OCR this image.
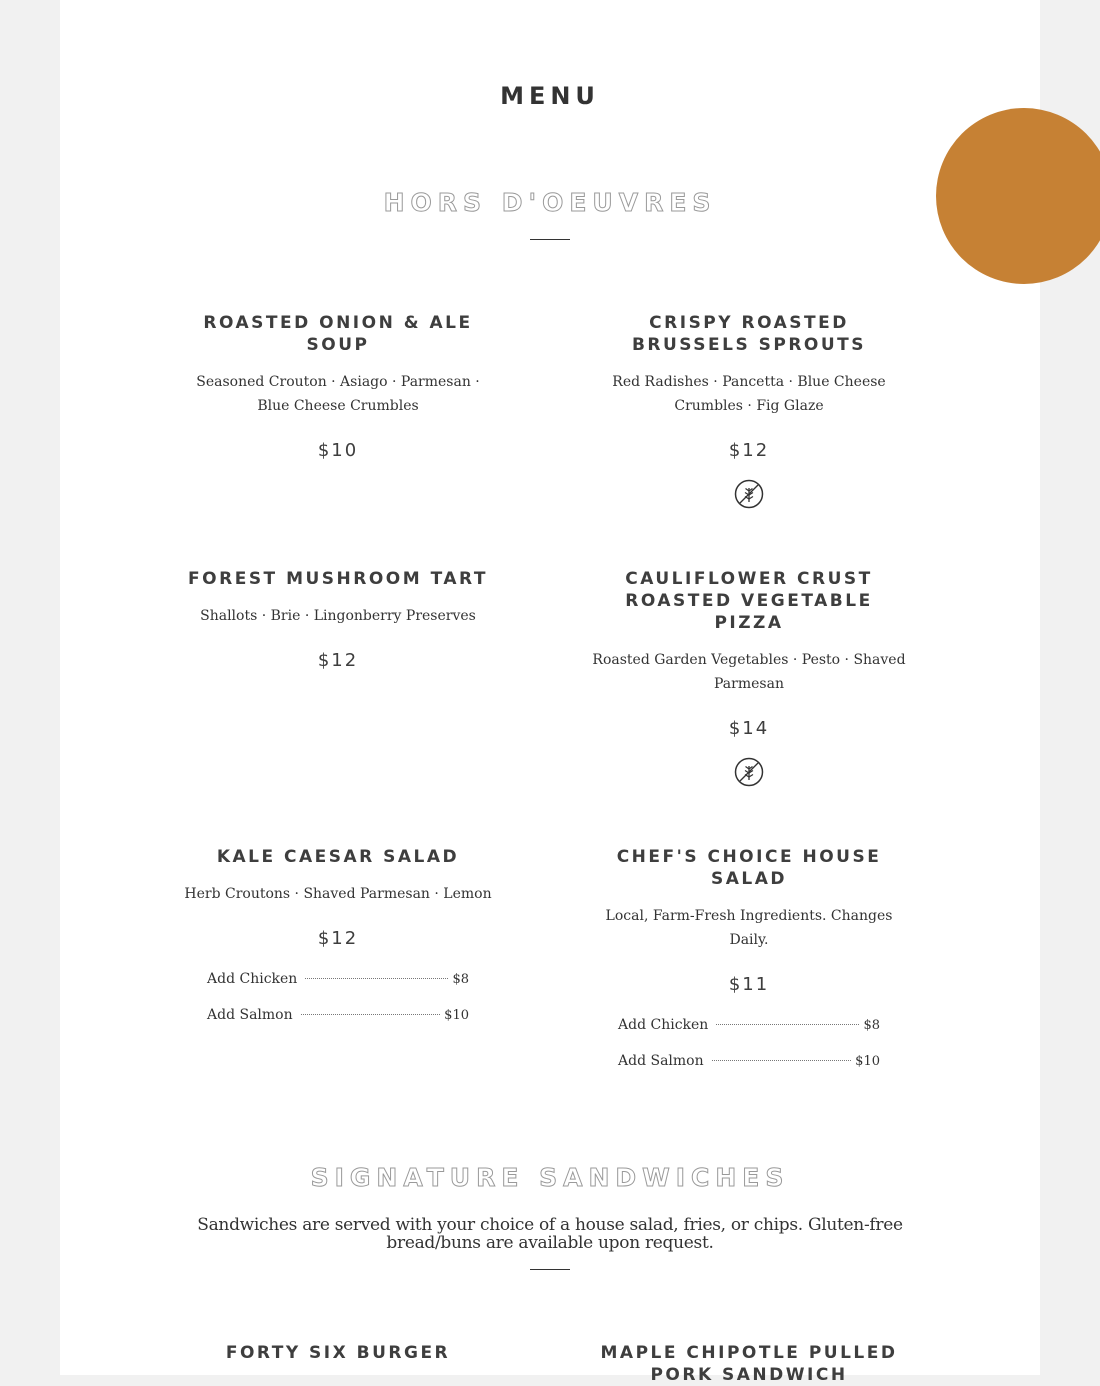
MENU
HORS D'OEUVRES
ROASTED ONION & ALE SOUP

Seasoned Crouton · Asiago · Parmesan · Blue Cheese Crumbles

$10
CRISPY ROASTED BRUSSELS SPROUTS

Red Radishes · Pancetta · Blue Cheese Crumbles · Fig Glaze

$12
FOREST MUSHROOM TART

Shallots · Brie · Lingonberry Preserves

$12
CAULIFLOWER CRUST ROASTED VEGETABLE PIZZA

Roasted Garden Vegetables · Pesto · Shaved Parmesan

$14
KALE CAESAR SALAD

Herb Croutons · Shaved Parmesan · Lemon

$12
Add Chicken	$8
Add Salmon	$10
CHEF'S CHOICE HOUSE SALAD

Local, Farm-Fresh Ingredients. Changes Daily.

$11
Add Chicken	$8
Add Salmon	$10
SIGNATURE SANDWICHES

Sandwiches are served with your choice of a house salad, fries, or chips. Gluten-free bread/buns are available upon request.

FORTY SIX BURGER	MAPLE CHIPOTLE PULLED PORK SANDWICH
